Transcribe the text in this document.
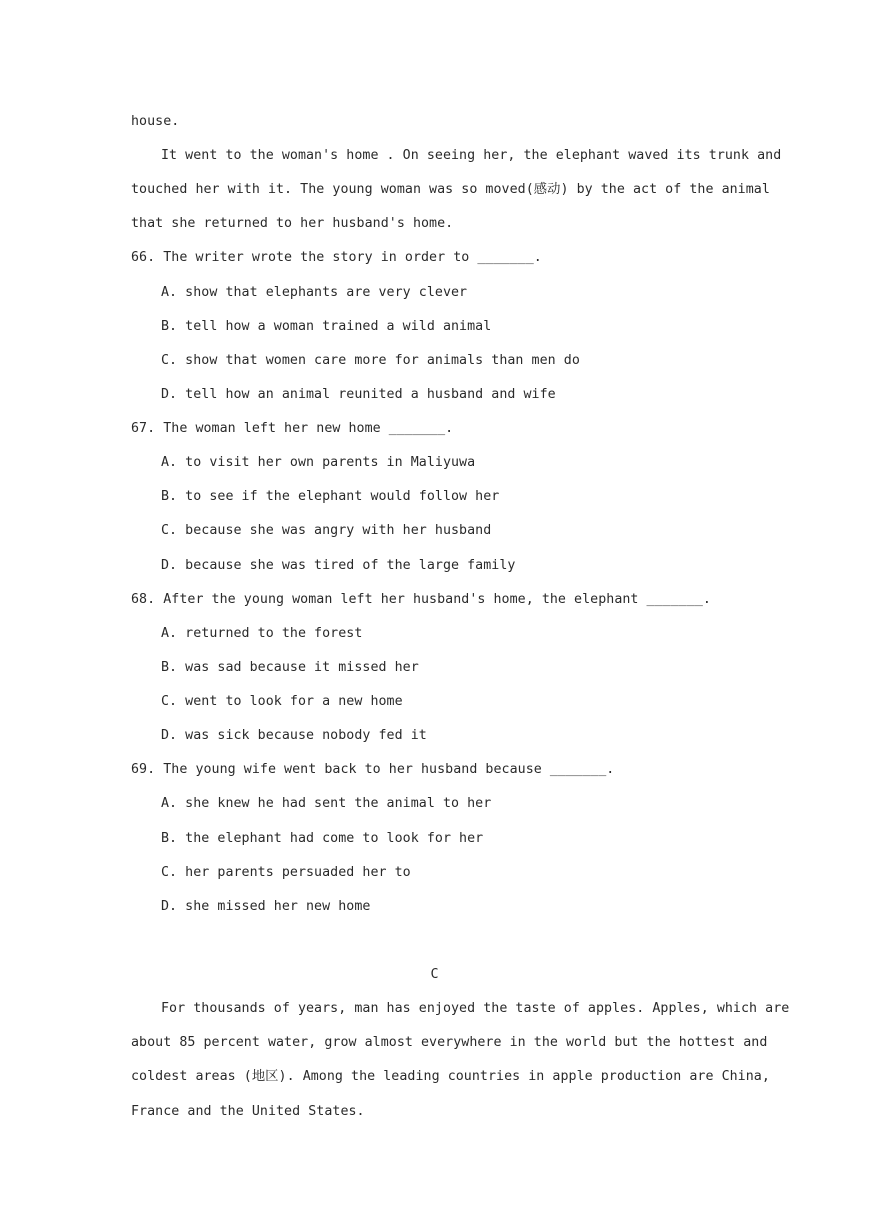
house.
It went to the woman's home . On seeing her, the elephant waved its trunk and
touched her with it. The young woman was so moved(感动) by the act of the animal
that she returned to her husband's home.
66. The writer wrote the story in order to _______.
A. show that elephants are very clever
B. tell how a woman trained a wild animal
C. show that women care more for animals than men do
D. tell how an animal reunited a husband and wife
67. The woman left her new home _______.
A. to visit her own parents in Maliyuwa
B. to see if the elephant would follow her
C. because she was angry with her husband
D. because she was tired of the large family
68. After the young woman left her husband's home, the elephant _______.
A. returned to the forest
B. was sad because it missed her
C. went to look for a new home
D. was sick because nobody fed it
69. The young wife went back to her husband because _______.
A. she knew he had sent the animal to her
B. the elephant had come to look for her
C. her parents persuaded her to
D. she missed her new home
C
For thousands of years, man has enjoyed the taste of apples. Apples, which are
about 85 percent water, grow almost everywhere in the world but the hottest and
coldest areas (地区). Among the leading countries in apple production are China,
France and the United States.
